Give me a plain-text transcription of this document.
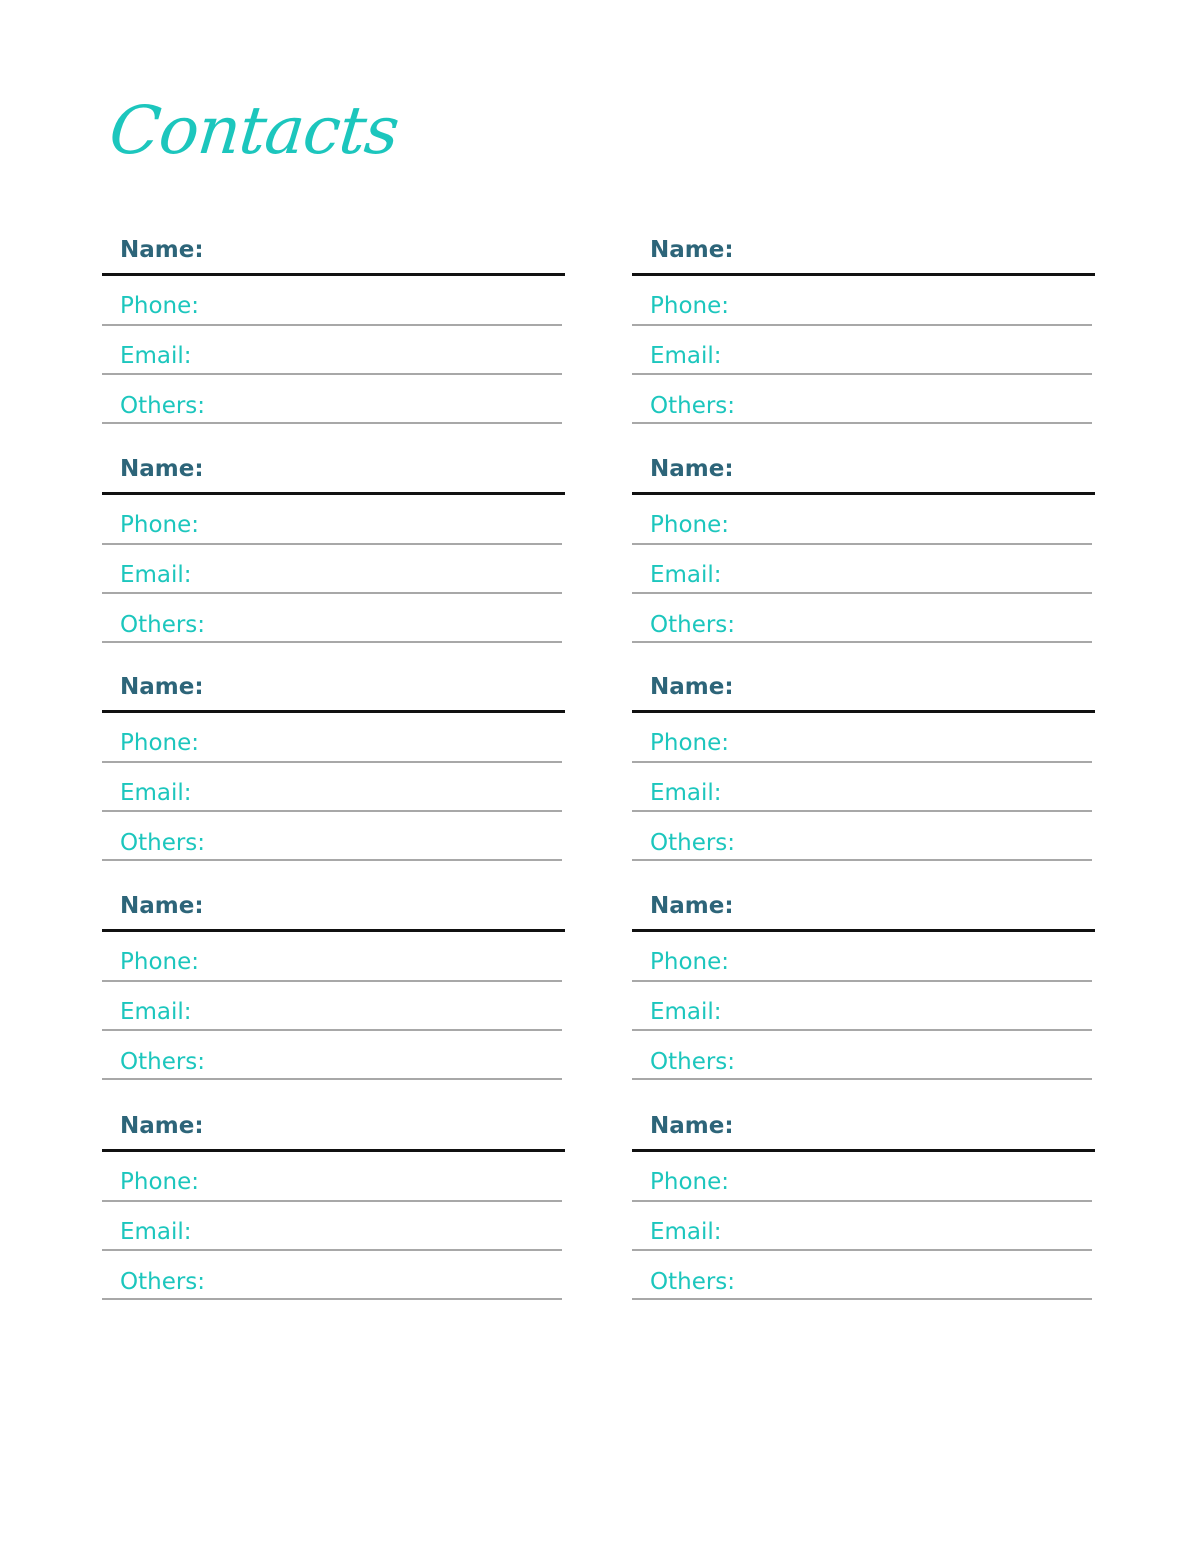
Contacts
Name:
Phone:
Email:
Others:
Name:
Phone:
Email:
Others:
Name:
Phone:
Email:
Others:
Name:
Phone:
Email:
Others:
Name:
Phone:
Email:
Others:
Name:
Phone:
Email:
Others:
Name:
Phone:
Email:
Others:
Name:
Phone:
Email:
Others:
Name:
Phone:
Email:
Others:
Name:
Phone:
Email:
Others:
